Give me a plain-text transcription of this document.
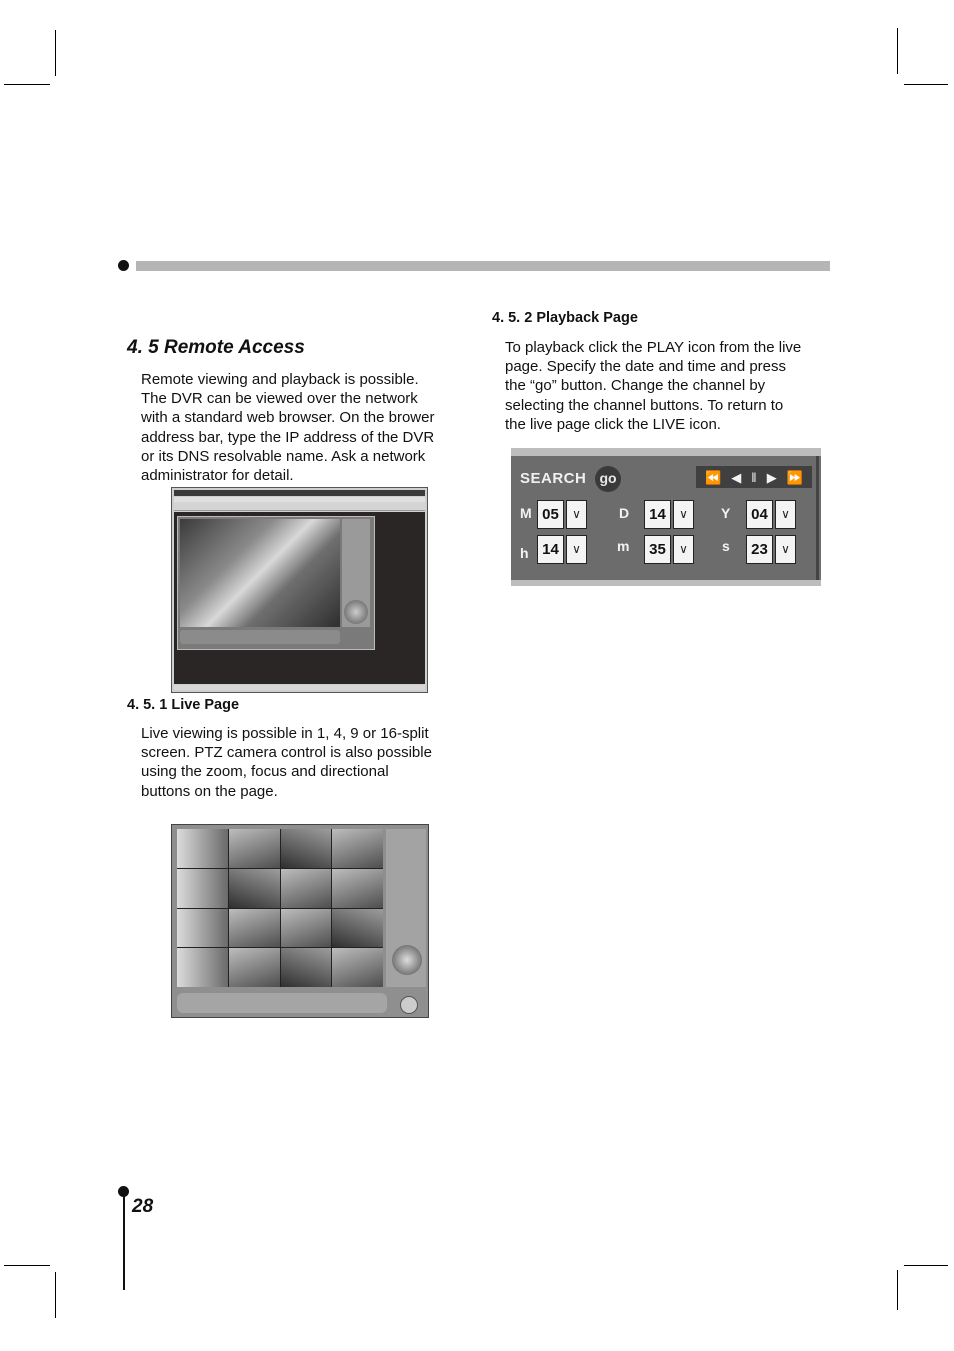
4. 5 Remote Access
Remote viewing and playback is possible.
The DVR can be viewed over the network
with a standard web browser. On the brower
address bar, type the IP address of the DVR
or its DNS resolvable name. Ask a network
administrator for detail.
4. 5. 1 Live Page
Live viewing is possible in 1, 4, 9 or 16-split
screen. PTZ camera control is also possible
using the zoom, focus and directional
buttons on the page.
4. 5. 2 Playback Page
To playback click the PLAY icon from the live
page. Specify the date and time and press
the “go” button. Change the channel by
selecting the channel buttons. To return to
the live page click the LIVE icon.
SEARCH go	⏪ ◀ ‖ ▶ ⏩
M 05	∨	D	14	∨	Y	04	∨
h 14	∨	m	35	∨	s	23	∨
28
